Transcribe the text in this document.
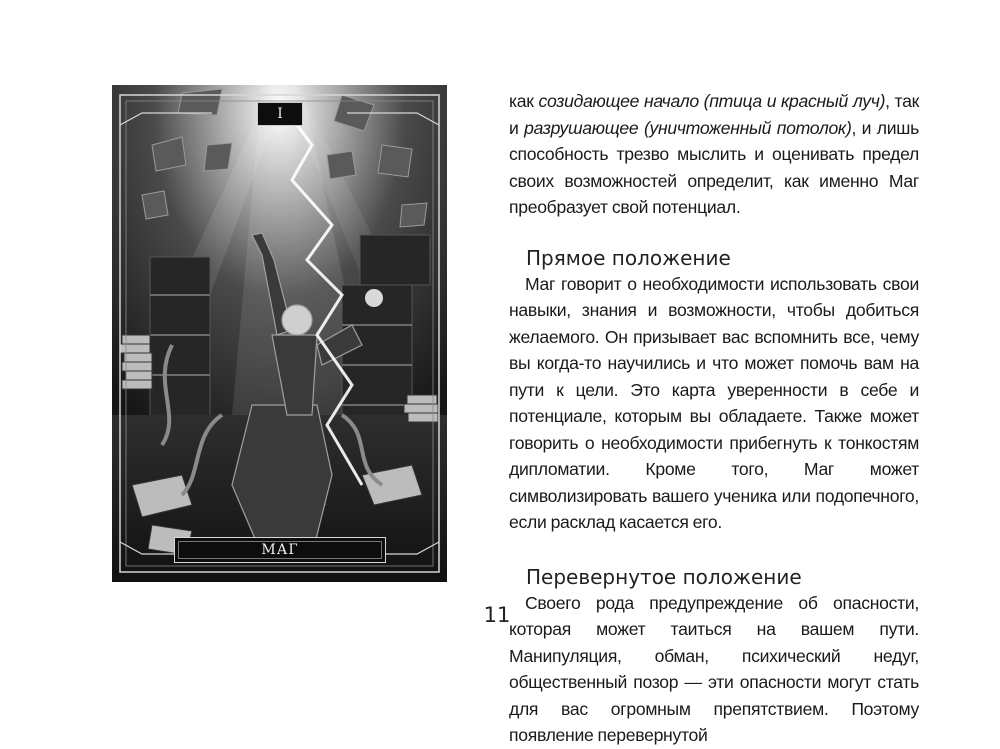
I
МАГ

как созидающее начало (птица и красный луч), так и разрушающее (уничтоженный потолок), и лишь способность трезво мыслить и оценивать предел своих возможностей определит, как именно Маг преобразует свой потенциал.

Прямое положение

Маг говорит о необходимости использовать свои навыки, знания и возможности, чтобы добиться желаемого. Он призывает вас вспомнить все, чему вы когда-то научились и что может помочь вам на пути к цели. Это карта уверенности в себе и потенциале, которым вы обладаете. Также может говорить о необходимости прибегнуть к тонкостям дипломатии. Кроме того, Маг может символизировать вашего ученика или подопечного, если расклад касается его.

Перевернутое положение

Своего рода предупреждение об опасности, которая может таиться на вашем пути. Манипуляция, обман, психический недуг, общественный позор — эти опасности могут стать для вас огромным препятствием. Поэтому появление перевернутой

11
